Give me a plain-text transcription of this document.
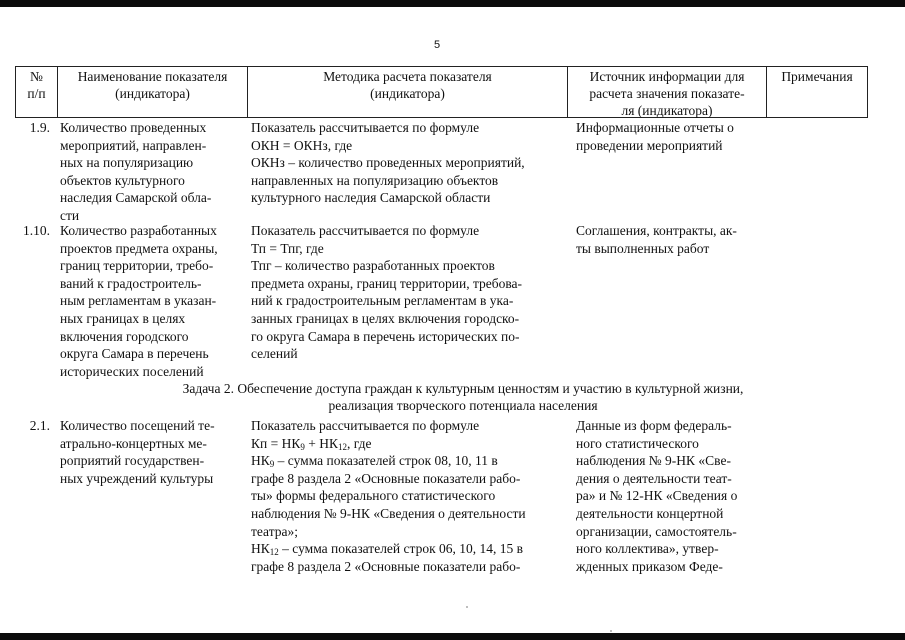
5
№
п/п
Наименование показателя
(индикатора)
Методика расчета показателя
(индикатора)
Источник информации для
расчета значения показате-
ля (индикатора)
Примечания
1.9. Количество проведенных
мероприятий, направлен-
ных на популяризацию
объектов культурного
наследия Самарской обла-
сти
Показатель рассчитывается по формуле
ОКН = ОКНз, где
ОКНз – количество проведенных мероприятий,
направленных на популяризацию объектов
культурного наследия Самарской области
Информационные отчеты о
проведении мероприятий
1.10. Количество разработанных
проектов предмета охраны,
границ территории, требо-
ваний к градостроитель-
ным регламентам в указан-
ных границах в целях
включения городского
округа Самара в перечень
исторических поселений
Показатель рассчитывается по формуле
Тп = Тпг, где
Тпг – количество разработанных проектов
предмета охраны, границ территории, требова-
ний к градостроительным регламентам в ука-
занных границах в целях включения городско-
го округа Самара в перечень исторических по-
селений
Соглашения, контракты, ак-
ты выполненных работ
Задача 2. Обеспечение доступа граждан к культурным ценностям и участию в культурной жизни,
реализация творческого потенциала населения
2.1. Количество посещений те-
атрально-концертных ме-
роприятий государствен-
ных учреждений культуры
Показатель рассчитывается по формуле
Кп = $НК_9 + НК_{12}$, где
$НК_9$ – сумма показателей строк 08, 10, 11 в
графе 8 раздела 2 «Основные показатели рабо-
ты» формы федерального статистического
наблюдения № 9-НК «Сведения о деятельности
театра»;
$НК_{12}$ – сумма показателей строк 06, 10, 14, 15 в
графе 8 раздела 2 «Основные показатели рабо-
Данные из форм федераль-
ного статистического
наблюдения № 9-НК «Све-
дения о деятельности теат-
ра» и № 12-НК «Сведения о
деятельности концертной
организации, самостоятель-
ного коллектива», утвер-
жденных приказом Феде-
